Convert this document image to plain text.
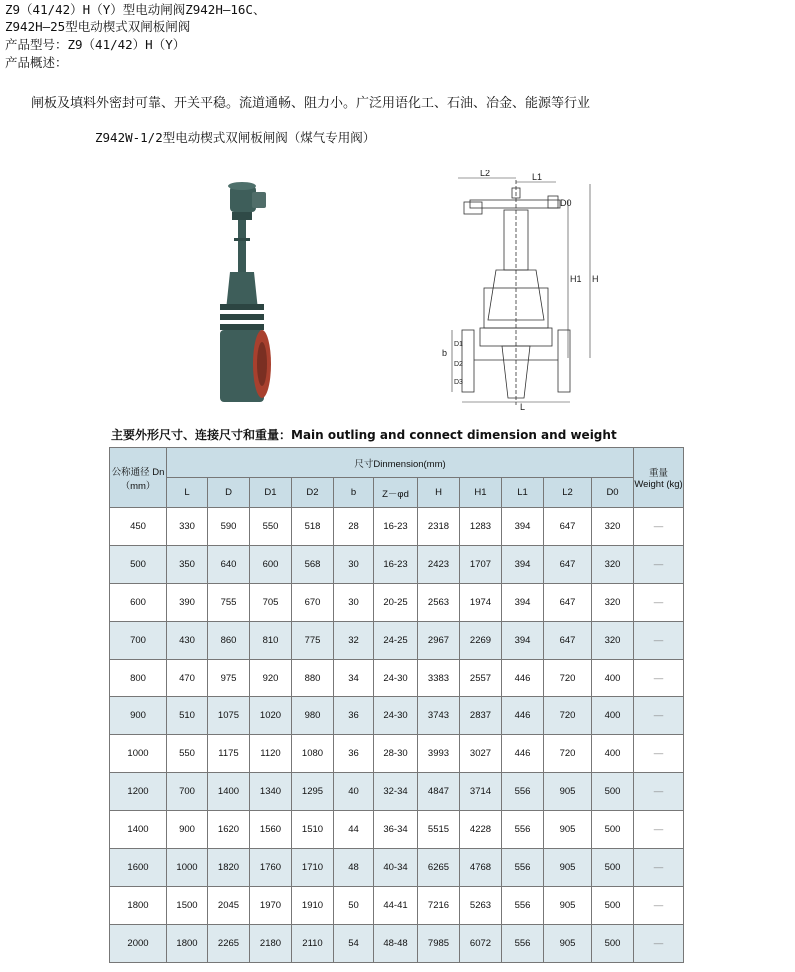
Z9（41/42）H（Y）型电动闸阀Z942H—16C、
Z942H—25型电动楔式双闸板闸阀
产品型号：Z9（41/42）H（Y）
产品概述：
闸板及填料外密封可靠、开关平稳。流道通畅、阻力小。广泛用语化工、石油、冶金、能源等行业
Z942W-1/2型电动楔式双闸板闸阀（煤气专用阀）
L2	L1
D0
H1 H
b
D1
D2
D3
L
主要外形尺寸、连接尺寸和重量：Main outling and connect dimension and weight
公称通径 Dn（mm）	尺寸Dinmension(mm)											重量 Weight (kg)
	L	D	D1	D2	b	Z－φd	H	H1	L1	L2	D0	
450	330	590	550	518	28	16-23	2318	1283	394	647	320	—
500	350	640	600	568	30	16-23	2423	1707	394	647	320	—
600	390	755	705	670	30	20-25	2563	1974	394	647	320	—
700	430	860	810	775	32	24-25	2967	2269	394	647	320	—
800	470	975	920	880	34	24-30	3383	2557	446	720	400	—
900	510	1075	1020	980	36	24-30	3743	2837	446	720	400	—
1000	550	1175	1120	1080	36	28-30	3993	3027	446	720	400	—
1200	700	1400	1340	1295	40	32-34	4847	3714	556	905	500	—
1400	900	1620	1560	1510	44	36-34	5515	4228	556	905	500	—
1600	1000	1820	1760	1710	48	40-34	6265	4768	556	905	500	—
1800	1500	2045	1970	1910	50	44-41	7216	5263	556	905	500	—
2000	1800	2265	2180	2110	54	48-48	7985	6072	556	905	500	—
